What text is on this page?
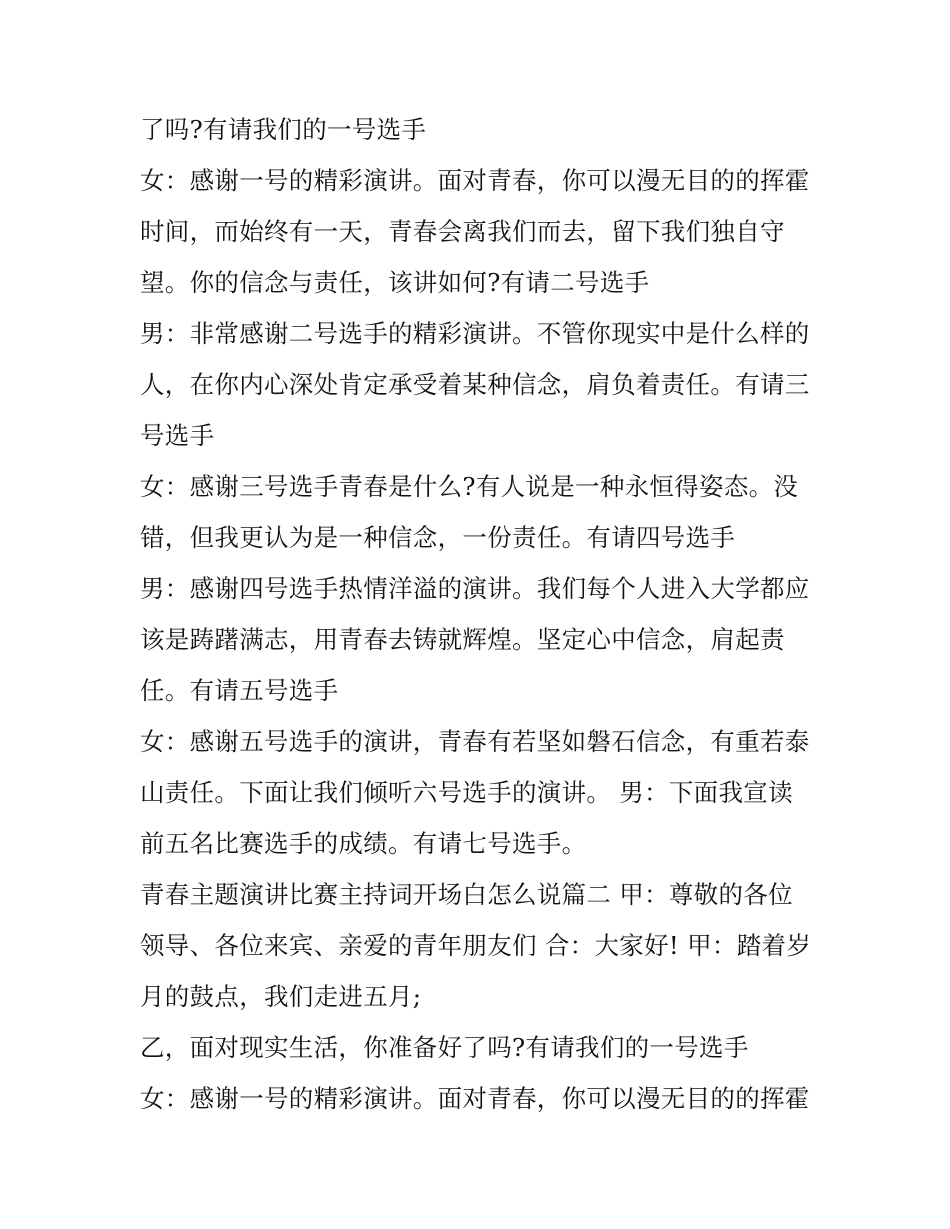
了吗?有请我们的一号选手
女：感谢一号的精彩演讲。面对青春，你可以漫无目的的挥霍
时间，而始终有一天，青春会离我们而去，留下我们独自守
望。你的信念与责任，该讲如何?有请二号选手
男：非常感谢二号选手的精彩演讲。不管你现实中是什么样的
人，在你内心深处肯定承受着某种信念，肩负着责任。有请三
号选手
女：感谢三号选手青春是什么?有人说是一种永恒得姿态。没
错，但我更认为是一种信念，一份责任。有请四号选手
男：感谢四号选手热情洋溢的演讲。我们每个人进入大学都应
该是踌躇满志，用青春去铸就辉煌。坚定心中信念，肩起责
任。有请五号选手
女：感谢五号选手的演讲，青春有若坚如磐石信念，有重若泰
山责任。下面让我们倾听六号选手的演讲。 男：下面我宣读
前五名比赛选手的成绩。有请七号选手。
青春主题演讲比赛主持词开场白怎么说篇二 甲：尊敬的各位
领导、各位来宾、亲爱的青年朋友们 合：大家好! 甲：踏着岁
月的鼓点，我们走进五月;
乙，面对现实生活，你准备好了吗?有请我们的一号选手
女：感谢一号的精彩演讲。面对青春，你可以漫无目的的挥霍
